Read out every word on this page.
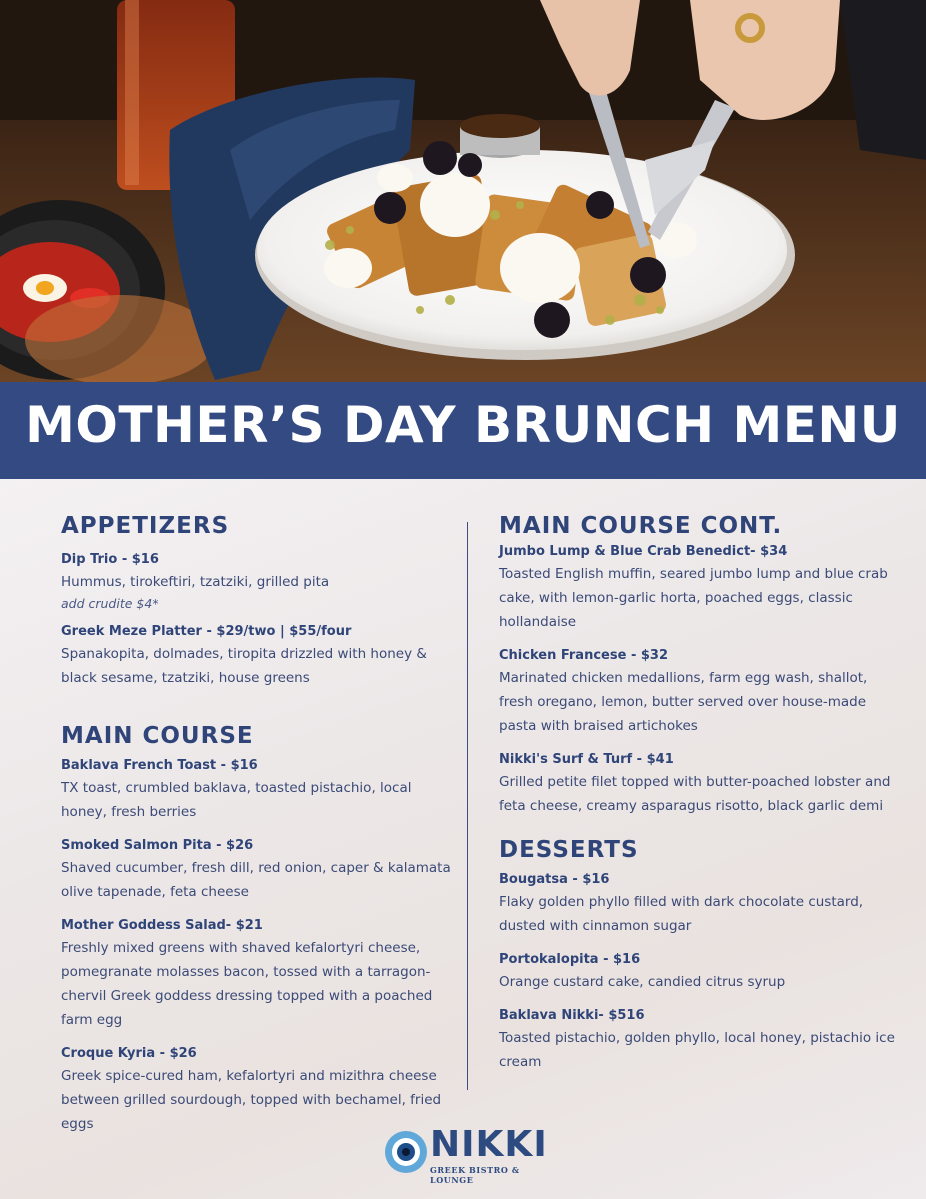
MOTHER’S DAY BRUNCH MENU
APPETIZERS
Dip Trio - $16
Hummus, tirokeftiri, tzatziki, grilled pita
add crudite $4*
Greek Meze Platter - $29/two | $55/four
Spanakopita, dolmades, tiropita drizzled with honey & black sesame, tzatziki, house greens
MAIN COURSE
Baklava French Toast - $16
TX toast, crumbled baklava, toasted pistachio, local honey, fresh berries
Smoked Salmon Pita - $26
Shaved cucumber, fresh dill, red onion, caper & kalamata olive tapenade, feta cheese
Mother Goddess Salad- $21
Freshly mixed greens with shaved kefalortyri cheese, pomegranate molasses bacon, tossed with a tarragon-chervil Greek goddess dressing topped with a poached farm egg
Croque Kyria - $26
Greek spice-cured ham, kefalortyri and mizithra cheese between grilled sourdough, topped with bechamel, fried eggs
MAIN COURSE CONT.
Jumbo Lump & Blue Crab Benedict- $34
Toasted English muffin, seared jumbo lump and blue crab cake, with lemon-garlic horta, poached eggs, classic hollandaise
Chicken Francese - $32
Marinated chicken medallions, farm egg wash, shallot, fresh oregano, lemon, butter served over house-made pasta with braised artichokes
Nikki's Surf & Turf - $41
Grilled petite filet topped with butter-poached lobster and feta cheese, creamy asparagus risotto, black garlic demi
DESSERTS
Bougatsa - $16
Flaky golden phyllo filled with dark chocolate custard, dusted with cinnamon sugar
Portokalopita - $16
Orange custard cake, candied citrus syrup
Baklava Nikki- $516
Toasted pistachio, golden phyllo, local honey, pistachio ice cream
NIKKI
GREEK BISTRO & LOUNGE
